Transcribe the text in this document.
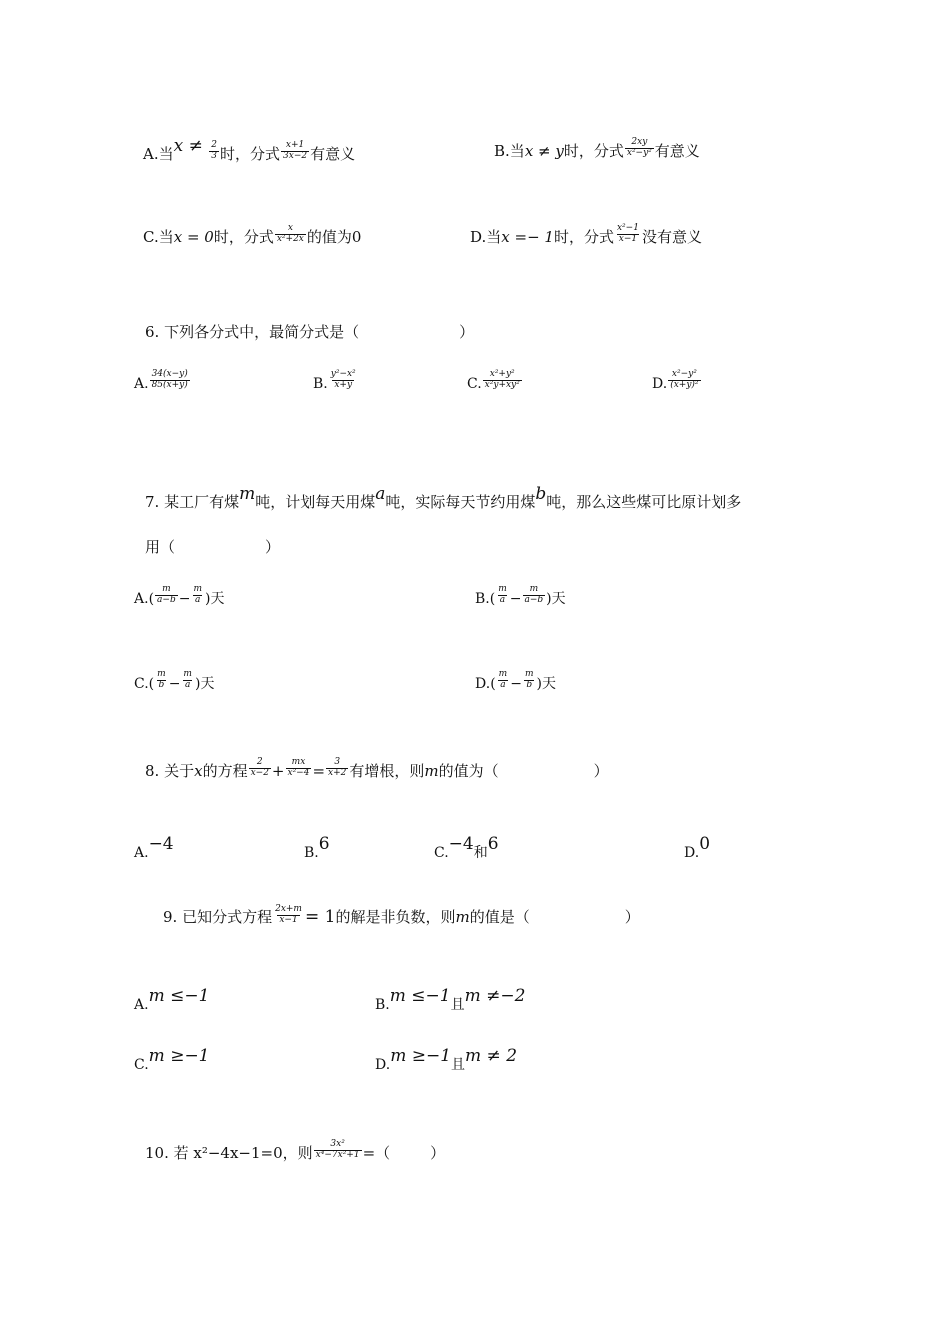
A.当$x \ne \frac{2}{3}$ 时，分式 $\frac{x+1}{3x-2}$ 有意义	B.当x ≠ y时，分式 $\frac{2xy}{\text{x²−y²}}$ 有意义
C.当x = 0时，分式 $\frac{x}{\text{x²+2x}}$ 的值为0	D.当x =− 1时，分式 $\frac{\text{x²−1}}{x-1}$ 没有意义
6. 下列各分式中，最简分式是（	）
A. $\frac{34(x-y)}{85(x+y)}$	B. $\frac{\text{y²−x²}}{x+y}$	C. $\frac{\text{x²+y²}}{\text{x²y+xy²}}$	D. $\frac{\text{x²−y²}}{\text{(x+y)²}}$
7. 某工厂有煤m吨，计划每天用煤a吨，实际每天节约用煤b吨，那么这些煤可比原计划多
用（	）
$A.( \frac{m}{a-b} - \frac{m}{a}$ )天	$B.( \frac{m}{a} - \frac{m}{a-b}$ )天
$C.( \frac{m}{b} - \frac{m}{a}$ )天	$D.( \frac{m}{a} - \frac{m}{b}$ )天
8. 关于x的方程 $\frac{2}{x-2} + \frac{mx}{\text{x²−4}} = \frac{3}{x+2}$ 有增根，则m的值为（	）
A.−4	B.6	C.−4和6	D.0
9. 已知分式方程 $\frac{2x+m}{x-1} = 1$的解是非负数，则m的值是（	）
A.m ≤−1	B.m ≤−1且m ≠−2
C.m ≥−1	D.m ≥−1且m ≠ 2
10. 若 x²−4x−1=0，则 $\frac{\text{3x²}}{\text{x⁴−7x²+1}}$ =（	）
